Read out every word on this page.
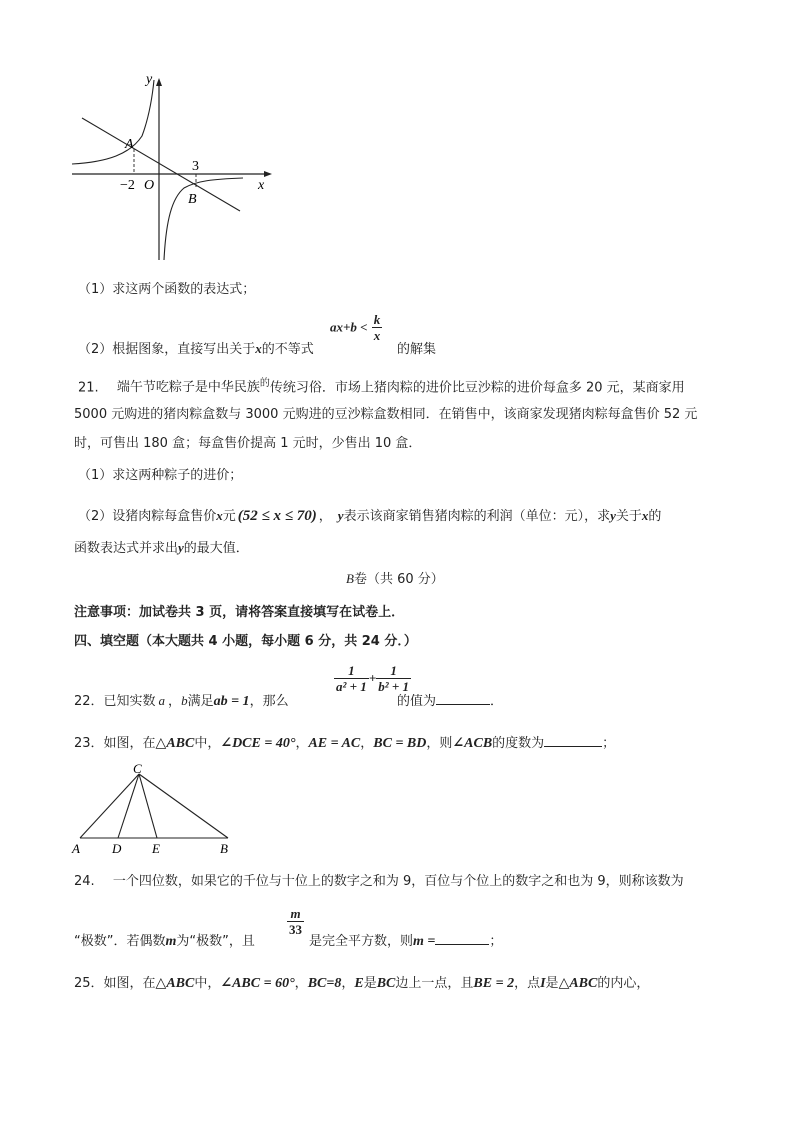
y
x
A
B
O
−2
3
（1）求这两个函数的表达式；
（2）根据图象，直接写出关于x的不等式
$ax+b < \frac{k}{x}$
的解集
21. 端午节吃粽子是中华民族$^的$传统习俗．市场上猪肉粽的进价比豆沙粽的进价每盒多 20 元，某商家用
5000 元购进的猪肉粽盒数与 3000 元购进的豆沙粽盒数相同．在销售中，该商家发现猪肉粽每盒售价 52 元
时，可售出 180 盒；每盒售价提高 1 元时，少售出 10 盒．
（1）求这两种粽子的进价；
（2）设猪肉粽每盒售价x元 (52 ≤ x ≤ 70) ， y表示该商家销售猪肉粽的利润（单位：元），求y关于x的
函数表达式并求出y的最大值．
B卷（共 60 分）
注意事项：加试卷共 3 页，请将答案直接填写在试卷上．
四、填空题（本大题共 4 小题，每小题 6 分，共 24 分．）
22．已知实数 a ，b满足ab = 1，那么
$\frac{1}{\text{a² + 1}} + \frac{1}{\text{b² + 1}}$
的值为	．
23．如图，在△ABC中，∠DCE = 40°，AE = AC，BC = BD，则∠ACB的度数为	；
C
A D E	B
24. 一个四位数，如果它的千位与十位上的数字之和为 9，百位与个位上的数字之和也为 9，则称该数为
“极数”．若偶数m为“极数”，且
$\frac{m}{33}$
是完全平方数，则m =	；
25．如图，在△ABC中，∠ABC = 60°，BC=8，E是BC边上一点，且BE = 2，点I是△ABC的内心，
